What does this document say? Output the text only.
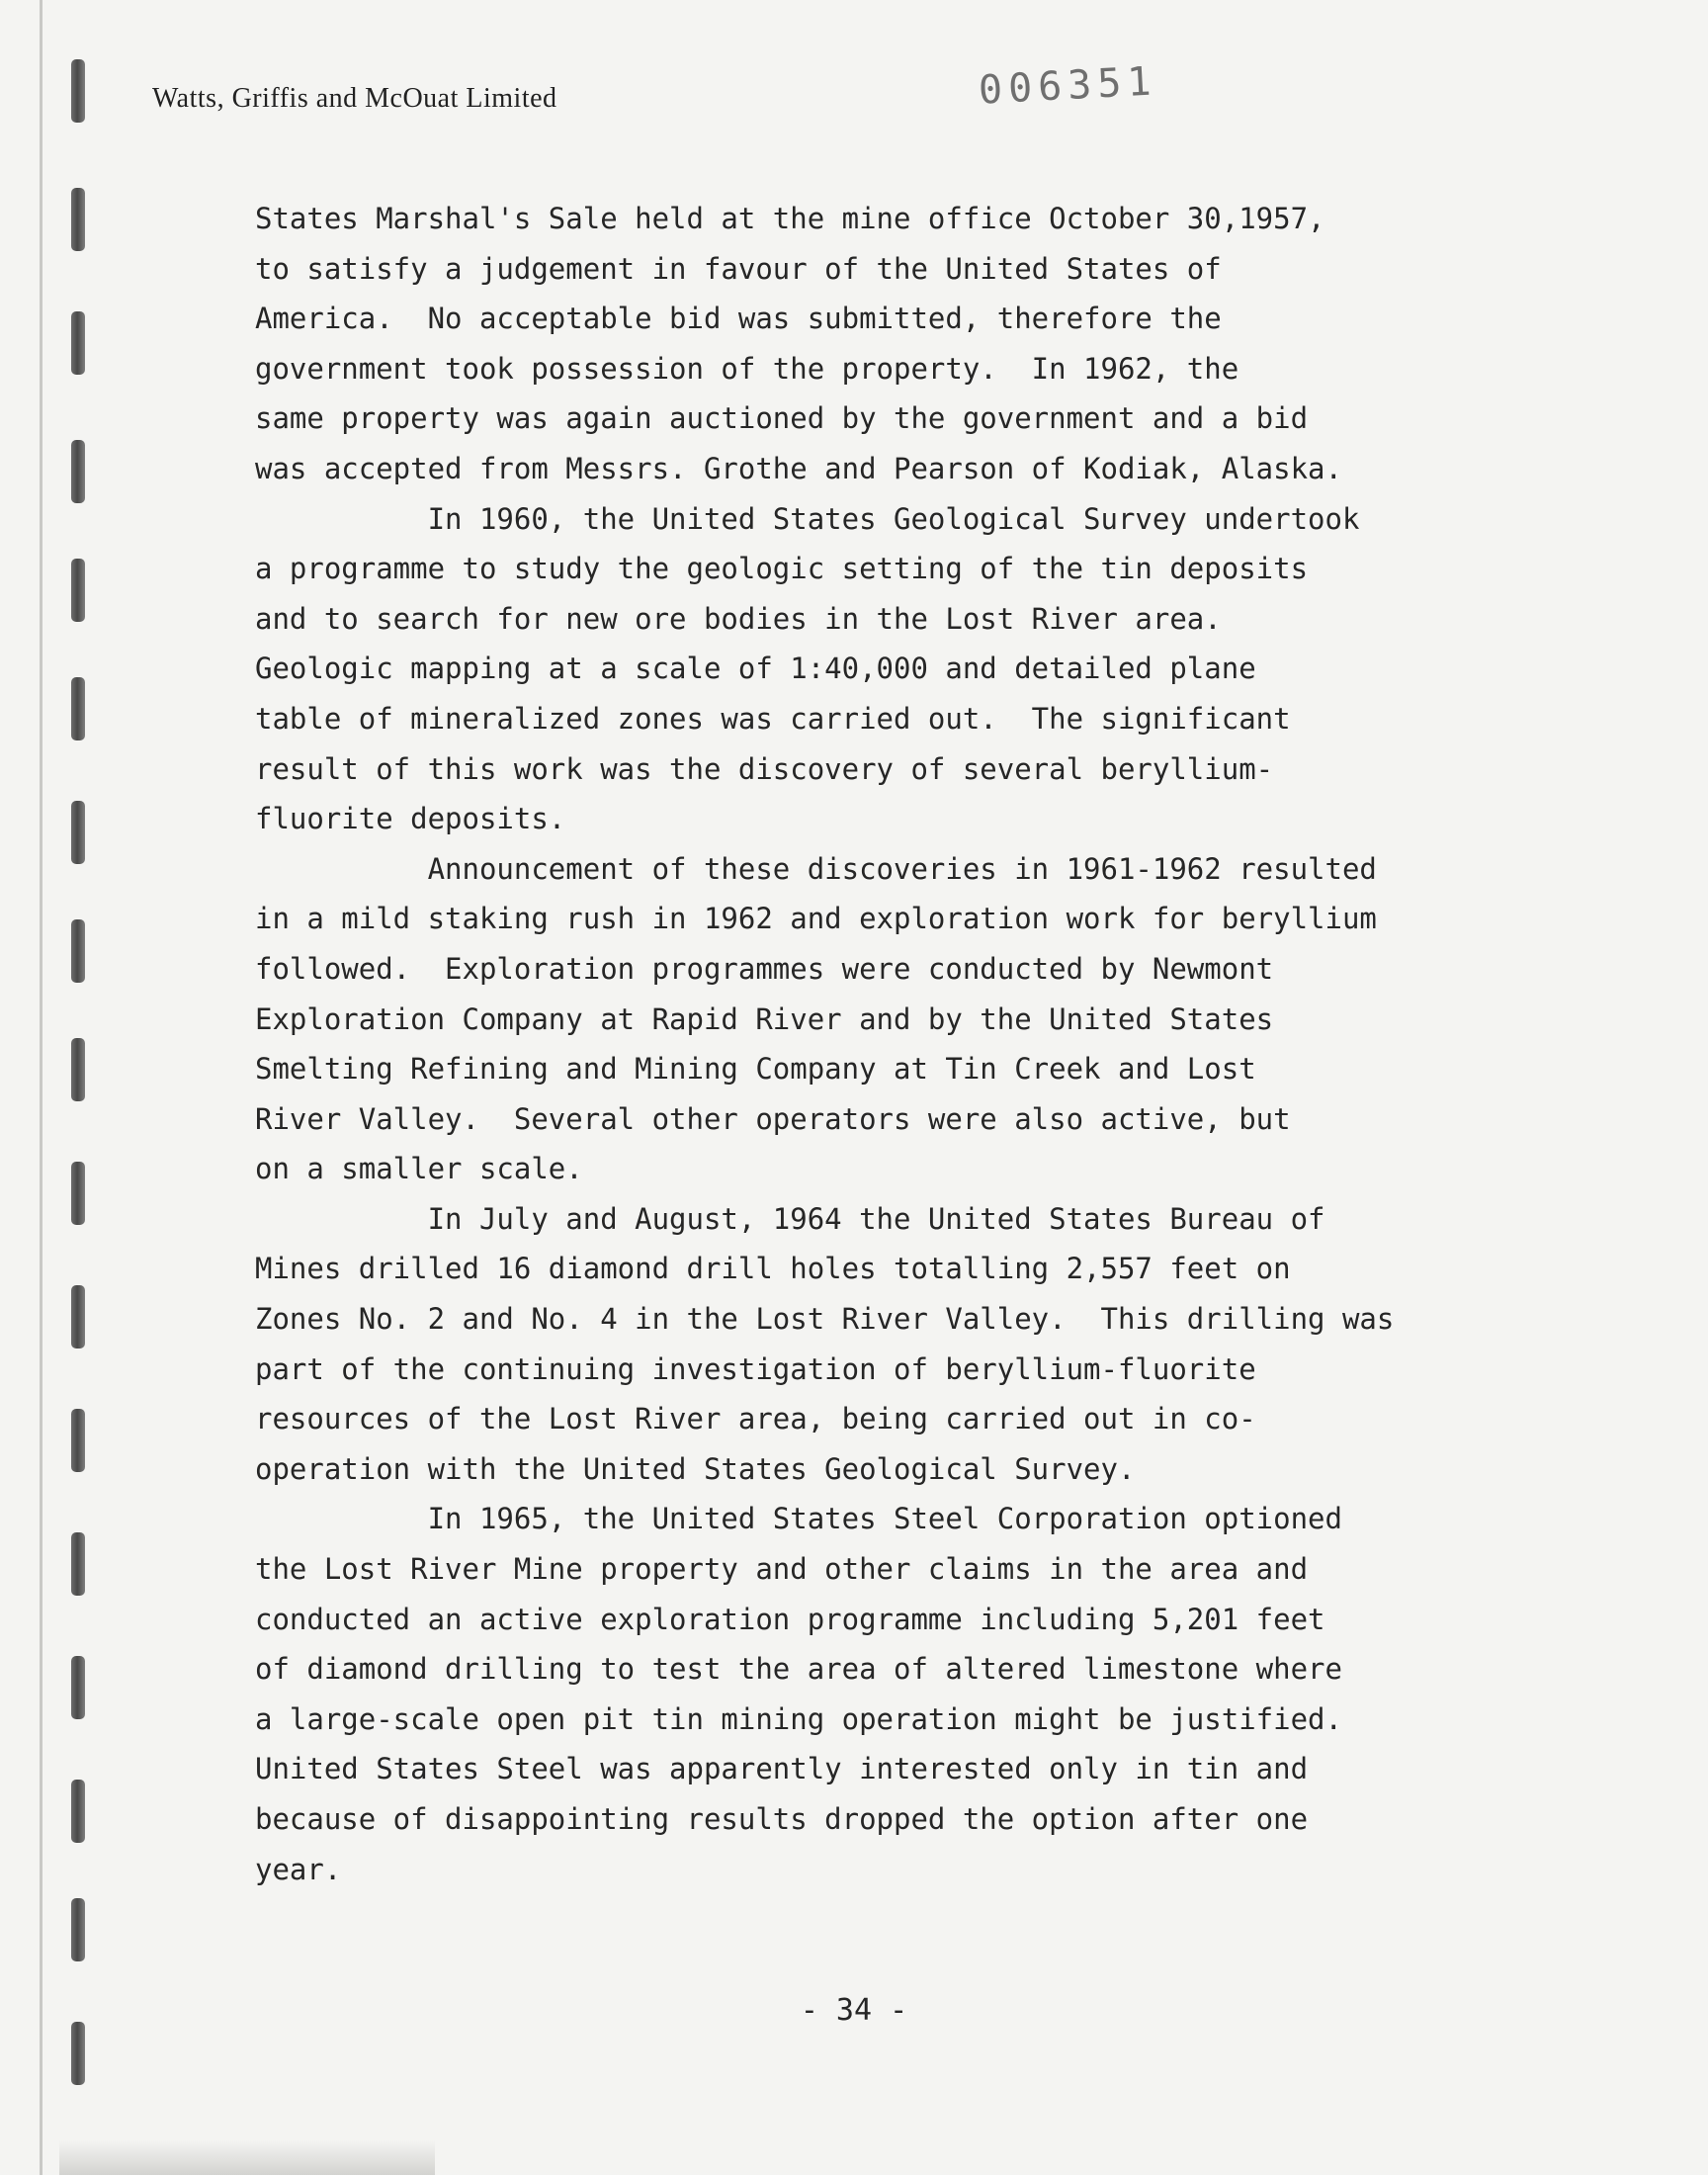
Watts, Griffis and McOuat Limited	006351
States Marshal's Sale held at the mine office October 30,1957,
to satisfy a judgement in favour of the United States of
America.  No acceptable bid was submitted, therefore the
government took possession of the property.  In 1962, the
same property was again auctioned by the government and a bid
was accepted from Messrs. Grothe and Pearson of Kodiak, Alaska.
In 1960, the United States Geological Survey undertook
a programme to study the geologic setting of the tin deposits
and to search for new ore bodies in the Lost River area.
Geologic mapping at a scale of 1:40,000 and detailed plane
table of mineralized zones was carried out.  The significant
result of this work was the discovery of several beryllium-
fluorite deposits.
Announcement of these discoveries in 1961-1962 resulted
in a mild staking rush in 1962 and exploration work for beryllium
followed.  Exploration programmes were conducted by Newmont
Exploration Company at Rapid River and by the United States
Smelting Refining and Mining Company at Tin Creek and Lost
River Valley.  Several other operators were also active, but
on a smaller scale.
In July and August, 1964 the United States Bureau of
Mines drilled 16 diamond drill holes totalling 2,557 feet on
Zones No. 2 and No. 4 in the Lost River Valley.  This drilling was
part of the continuing investigation of beryllium-fluorite
resources of the Lost River area, being carried out in co-
operation with the United States Geological Survey.
In 1965, the United States Steel Corporation optioned
the Lost River Mine property and other claims in the area and
conducted an active exploration programme including 5,201 feet
of diamond drilling to test the area of altered limestone where
a large-scale open pit tin mining operation might be justified.
United States Steel was apparently interested only in tin and
because of disappointing results dropped the option after one
year.
- 34 -
